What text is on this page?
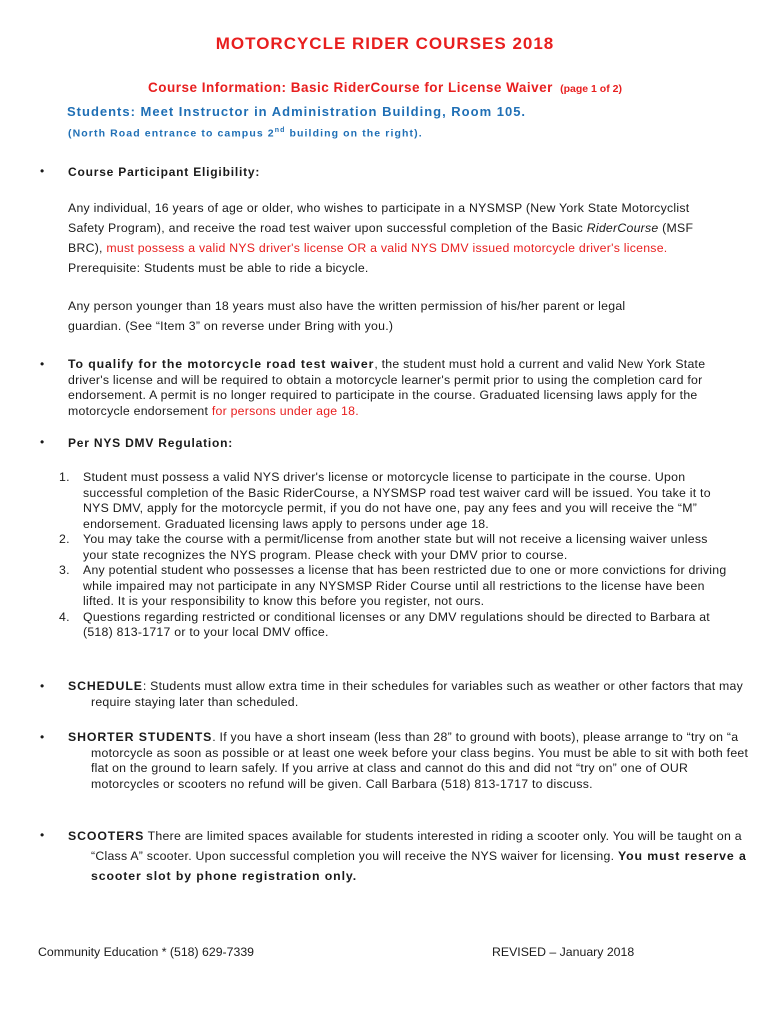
MOTORCYCLE RIDER COURSES 2018
Course Information: Basic RiderCourse for License Waiver (page 1 of 2)
Students: Meet Instructor in Administration Building, Room 105.
(North Road entrance to campus 2nd building on the right).
• Course Participant Eligibility:
Any individual, 16 years of age or older, who wishes to participate in a NYSMSP (New York State Motorcyclist Safety Program), and receive the road test waiver upon successful completion of the Basic RiderCourse (MSF BRC), must possess a valid NYS driver's license OR a valid NYS DMV issued motorcycle driver's license. Prerequisite: Students must be able to ride a bicycle.
Any person younger than 18 years must also have the written permission of his/her parent or legal guardian. (See “Item 3” on reverse under Bring with you.)
• To qualify for the motorcycle road test waiver, the student must hold a current and valid New York State driver's license and will be required to obtain a motorcycle learner's permit prior to using the completion card for endorsement. A permit is no longer required to participate in the course. Graduated licensing laws apply for the motorcycle endorsement for persons under age 18.
• Per NYS DMV Regulation:
1. Student must possess a valid NYS driver's license or motorcycle license to participate in the course. Upon successful completion of the Basic RiderCourse, a NYSMSP road test waiver card will be issued. You take it to NYS DMV, apply for the motorcycle permit, if you do not have one, pay any fees and you will receive the “M” endorsement. Graduated licensing laws apply to persons under age 18.
2. You may take the course with a permit/license from another state but will not receive a licensing waiver unless your state recognizes the NYS program. Please check with your DMV prior to course.
3. Any potential student who possesses a license that has been restricted due to one or more convictions for driving while impaired may not participate in any NYSMSP Rider Course until all restrictions to the license have been lifted. It is your responsibility to know this before you register, not ours.
4. Questions regarding restricted or conditional licenses or any DMV regulations should be directed to Barbara at (518) 813-1717 or to your local DMV office.
• SCHEDULE: Students must allow extra time in their schedules for variables such as weather or other factors that may require staying later than scheduled.
• SHORTER STUDENTS. If you have a short inseam (less than 28” to ground with boots), please arrange to “try on “a motorcycle as soon as possible or at least one week before your class begins. You must be able to sit with both feet flat on the ground to learn safely. If you arrive at class and cannot do this and did not “try on” one of OUR motorcycles or scooters no refund will be given. Call Barbara (518) 813-1717 to discuss.
• SCOOTERS There are limited spaces available for students interested in riding a scooter only. You will be taught on a “Class A” scooter. Upon successful completion you will receive the NYS waiver for licensing. You must reserve a scooter slot by phone registration only.
Community Education * (518) 629-7339	REVISED – January 2018
